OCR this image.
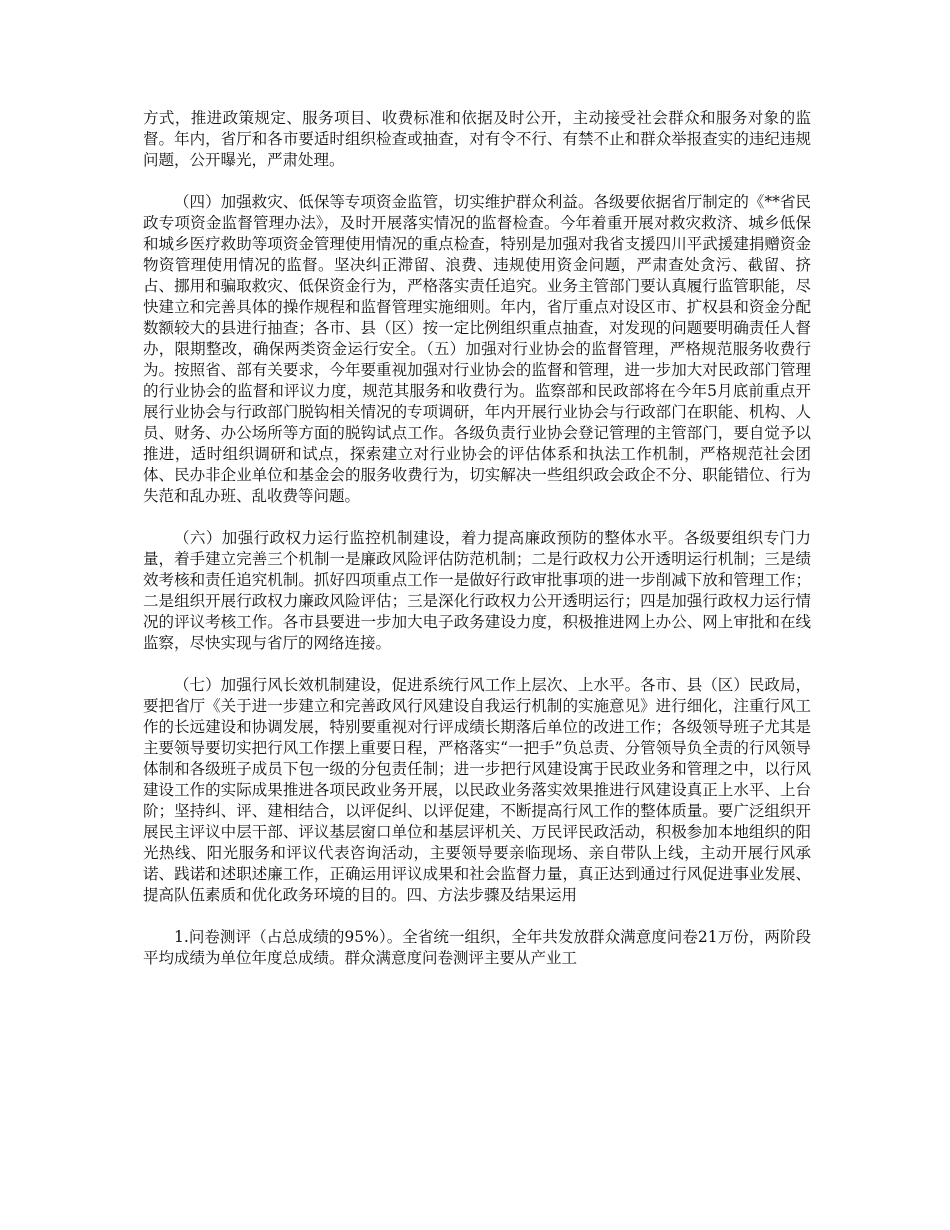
方式，推进政策规定、服务项目、收费标准和依据及时公开，主动接受社会群众和服务对象的监督。年内，省厅和各市要适时组织检查或抽查，对有令不行、有禁不止和群众举报查实的违纪违规问题，公开曝光，严肃处理。

（四）加强救灾、低保等专项资金监管，切实维护群众利益。各级要依据省厅制定的《**省民政专项资金监督管理办法》，及时开展落实情况的监督检查。今年着重开展对救灾救济、城乡低保和城乡医疗救助等项资金管理使用情况的重点检查，特别是加强对我省支援四川平武援建捐赠资金物资管理使用情况的监督。坚决纠正滞留、浪费、违规使用资金问题，严肃查处贪污、截留、挤占、挪用和骗取救灾、低保资金行为，严格落实责任追究。业务主管部门要认真履行监管职能，尽快建立和完善具体的操作规程和监督管理实施细则。年内，省厅重点对设区市、扩权县和资金分配数额较大的县进行抽查；各市、县（区）按一定比例组织重点抽查，对发现的问题要明确责任人督办，限期整改，确保两类资金运行安全。（五）加强对行业协会的监督管理，严格规范服务收费行为。按照省、部有关要求，今年要重视加强对行业协会的监督和管理，进一步加大对民政部门管理的行业协会的监督和评议力度，规范其服务和收费行为。监察部和民政部将在今年5月底前重点开展行业协会与行政部门脱钩相关情况的专项调研，年内开展行业协会与行政部门在职能、机构、人员、财务、办公场所等方面的脱钩试点工作。各级负责行业协会登记管理的主管部门，要自觉予以推进，适时组织调研和试点，探索建立对行业协会的评估体系和执法工作机制，严格规范社会团体、民办非企业单位和基金会的服务收费行为，切实解决一些组织政会政企不分、职能错位、行为失范和乱办班、乱收费等问题。

（六）加强行政权力运行监控机制建设，着力提高廉政预防的整体水平。各级要组织专门力量，着手建立完善三个机制一是廉政风险评估防范机制；二是行政权力公开透明运行机制；三是绩效考核和责任追究机制。抓好四项重点工作一是做好行政审批事项的进一步削减下放和管理工作；二是组织开展行政权力廉政风险评估；三是深化行政权力公开透明运行；四是加强行政权力运行情况的评议考核工作。各市县要进一步加大电子政务建设力度，积极推进网上办公、网上审批和在线监察，尽快实现与省厅的网络连接。

（七）加强行风长效机制建设，促进系统行风工作上层次、上水平。各市、县（区）民政局，要把省厅《关于进一步建立和完善政风行风建设自我运行机制的实施意见》进行细化，注重行风工作的长远建设和协调发展，特别要重视对行评成绩长期落后单位的改进工作；各级领导班子尤其是主要领导要切实把行风工作摆上重要日程，严格落实“一把手”负总责、分管领导负全责的行风领导体制和各级班子成员下包一级的分包责任制；进一步把行风建设寓于民政业务和管理之中，以行风建设工作的实际成果推进各项民政业务开展，以民政业务落实效果推进行风建设真正上水平、上台阶；坚持纠、评、建相结合，以评促纠、以评促建，不断提高行风工作的整体质量。要广泛组织开展民主评议中层干部、评议基层窗口单位和基层评机关、万民评民政活动，积极参加本地组织的阳光热线、阳光服务和评议代表咨询活动，主要领导要亲临现场、亲自带队上线，主动开展行风承诺、践诺和述职述廉工作，正确运用评议成果和社会监督力量，真正达到通过行风促进事业发展、提高队伍素质和优化政务环境的目的。四、方法步骤及结果运用

1.问卷测评（占总成绩的95%）。全省统一组织，全年共发放群众满意度问卷21万份，两阶段平均成绩为单位年度总成绩。群众满意度问卷测评主要从产业工
